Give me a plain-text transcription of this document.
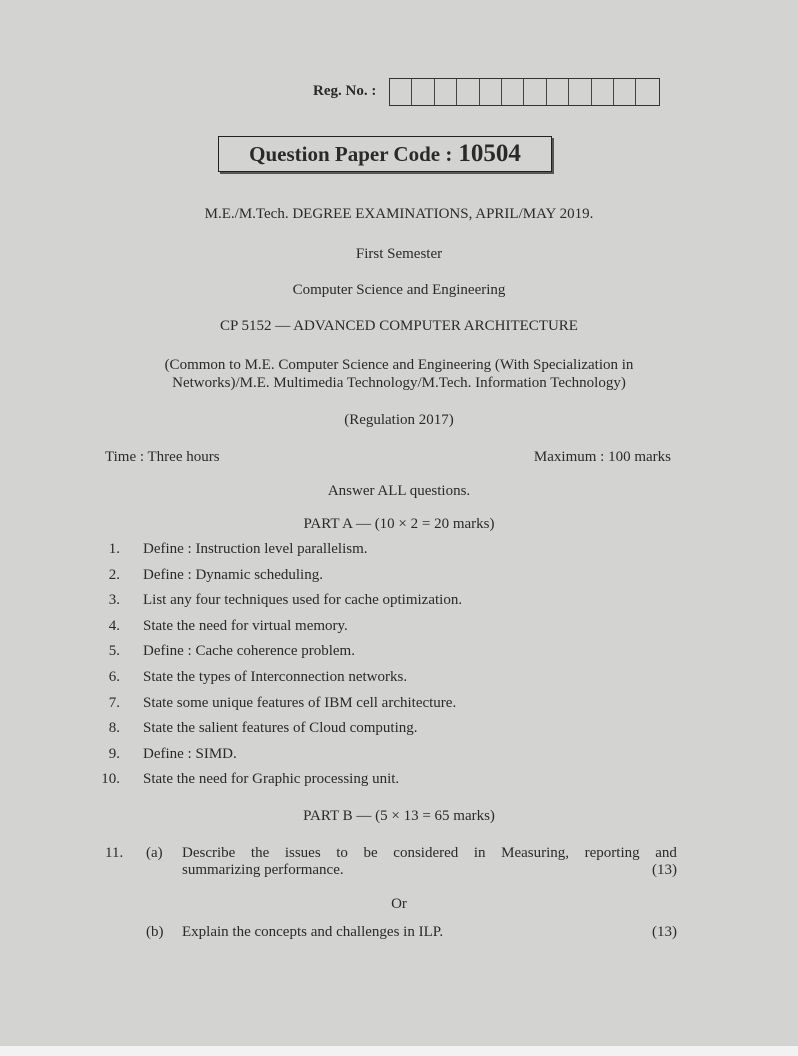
Reg. No. :
Question Paper Code : 10504
M.E./M.Tech. DEGREE EXAMINATIONS, APRIL/MAY 2019.
First Semester
Computer Science and Engineering
CP 5152 — ADVANCED COMPUTER ARCHITECTURE
(Common to M.E. Computer Science and Engineering (With Specialization in
Networks)/M.E. Multimedia Technology/M.Tech. Information Technology)
(Regulation 2017)
Time : Three hours	Maximum : 100 marks
Answer ALL questions.
PART A — (10 × 2 = 20 marks)
1. Define : Instruction level parallelism.
2. Define : Dynamic scheduling.
3. List any four techniques used for cache optimization.
4. State the need for virtual memory.
5. Define : Cache coherence problem.
6. State the types of Interconnection networks.
7. State some unique features of IBM cell architecture.
8. State the salient features of Cloud computing.
9. Define : SIMD.
10. State the need for Graphic processing unit.
PART B — (5 × 13 = 65 marks)
11. (a) Describe the issues to be considered in Measuring, reporting and
summarizing performance.	(13)
Or
(b) Explain the concepts and challenges in ILP.	(13)
